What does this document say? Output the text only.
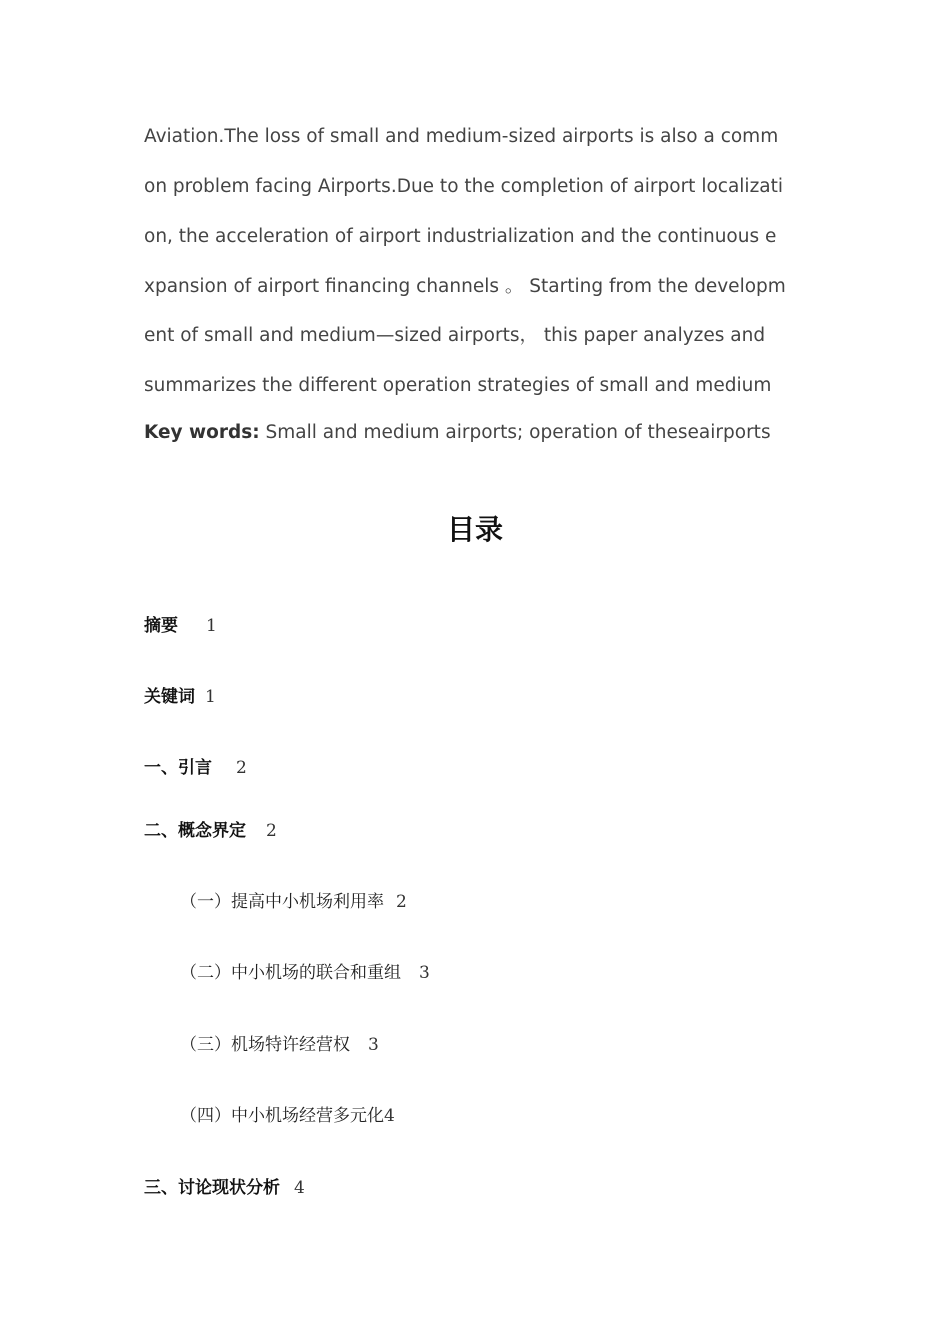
Aviation.The loss of small and medium-sized airports is also a comm
on problem facing Airports.Due to the completion of airport localizati
on, the acceleration of airport industrialization and the continuous e
xpansion of airport financing channels 。 Starting from the developm
ent of small and medium—sized airports， this paper analyzes and
summarizes the different operation strategies of small and medium
Key words: Small and medium airports; operation of theseairports
目录
摘要 1
关键词 1
一、引言 2
二、概念界定 2
（一）提高中小机场利用率 2
（二）中小机场的联合和重组 3
（三）机场特许经营权 3
（四）中小机场经营多元化4
三、讨论现状分析 4
